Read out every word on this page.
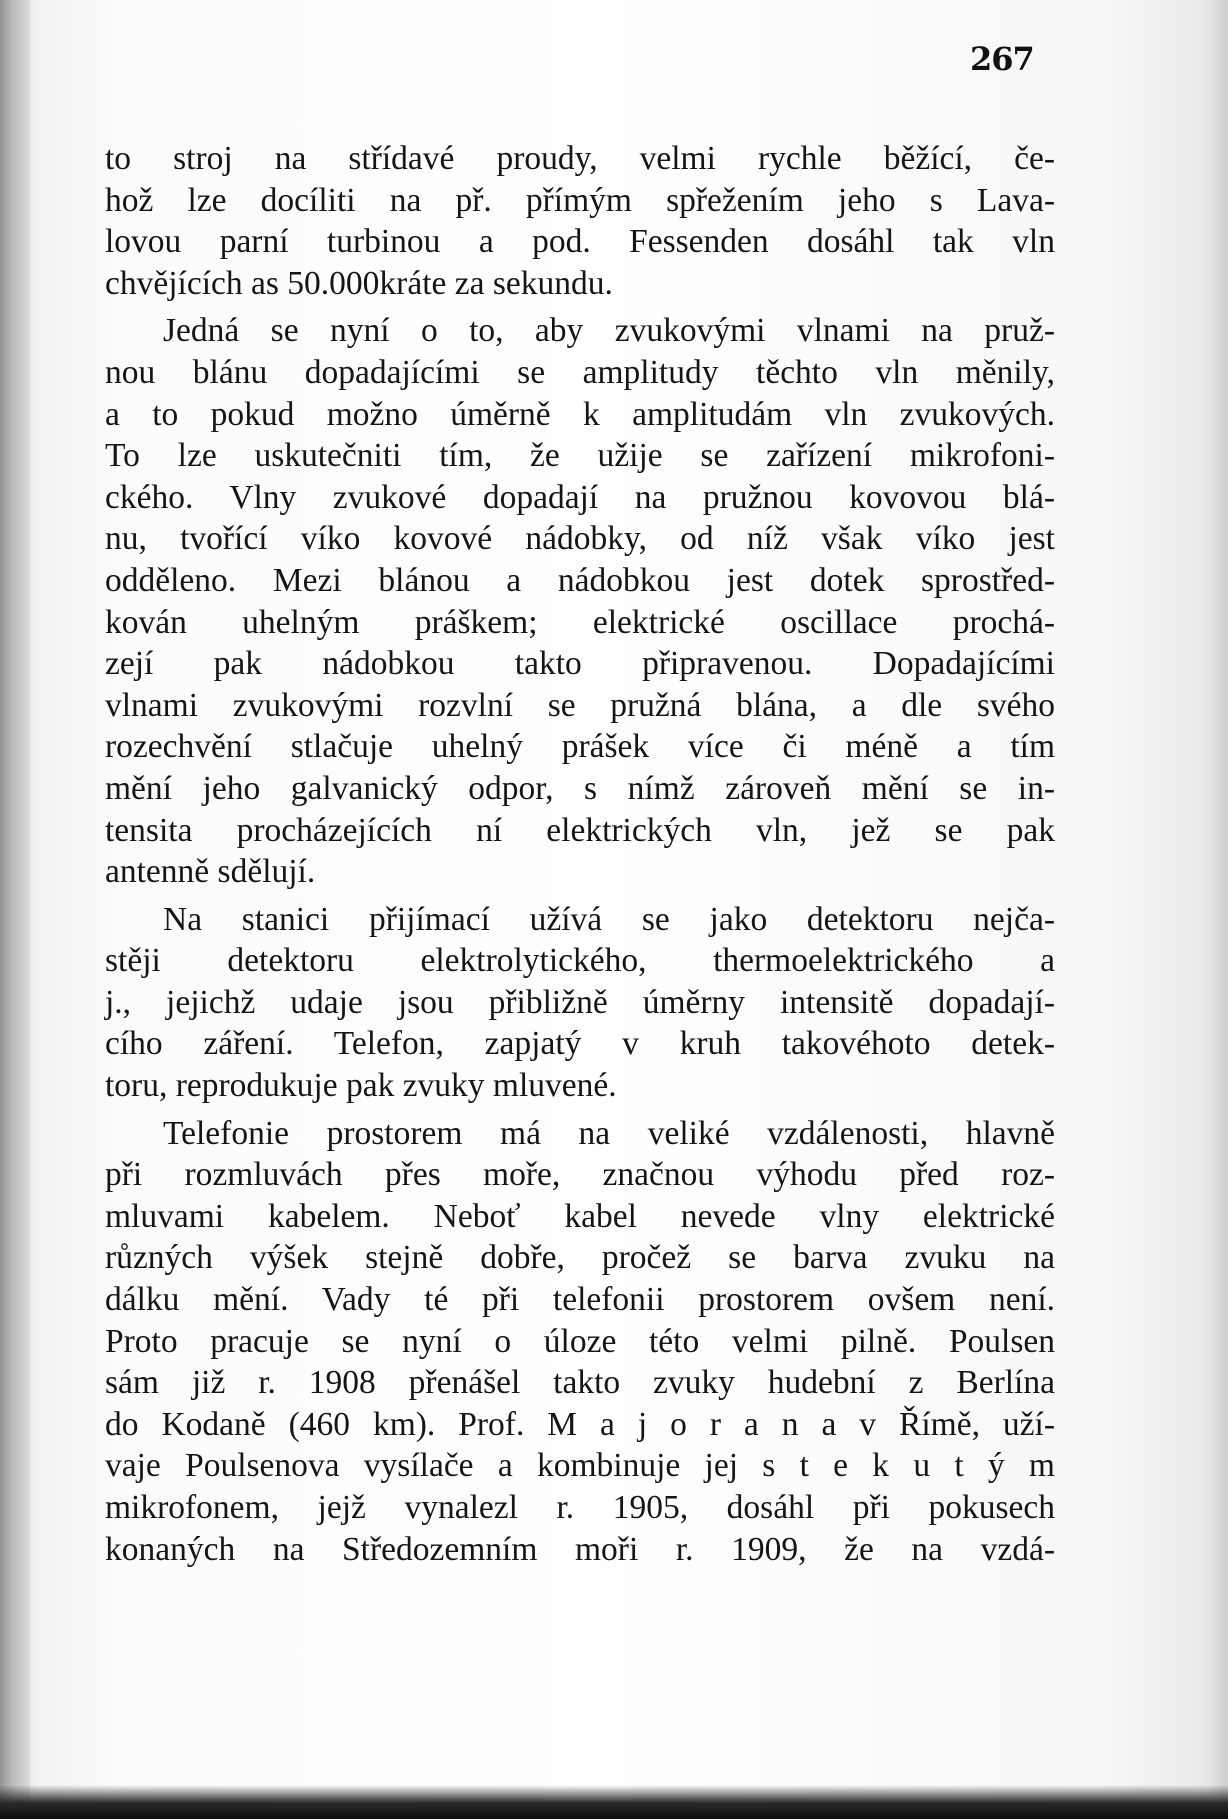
267
to stroj na střídavé proudy, velmi rychle běžící, če-
hož lze docíliti na př. přímým spřežením jeho s Lava-
lovou parní turbinou a pod. Fessenden dosáhl tak vln
chvějících as 50.000kráte za sekundu.
Jedná se nyní o to, aby zvukovými vlnami na pruž-
nou blánu dopadajícími se amplitudy těchto vln měnily,
a to pokud možno úměrně k amplitudám vln zvukových.
To lze uskutečniti tím, že užije se zařízení mikrofoni-
ckého. Vlny zvukové dopadají na pružnou kovovou blá-
nu, tvořící víko kovové nádobky, od níž však víko jest
odděleno. Mezi blánou a nádobkou jest dotek sprostřed-
kován uhelným práškem; elektrické oscillace prochá-
zejí pak nádobkou takto připravenou. Dopadajícími
vlnami zvukovými rozvlní se pružná blána, a dle svého
rozechvění stlačuje uhelný prášek více či méně a tím
mění jeho galvanický odpor, s nímž zároveň mění se in-
tensita procházejících ní elektrických vln, jež se pak
antenně sdělují.
Na stanici přijímací užívá se jako detektoru nejča-
stěji detektoru elektrolytického, thermoelektrického a
j., jejichž udaje jsou přibližně úměrny intensitě dopadají-
cího záření. Telefon, zapjatý v kruh takovéhoto detek-
toru, reprodukuje pak zvuky mluvené.
Telefonie prostorem má na veliké vzdálenosti, hlavně
při rozmluvách přes moře, značnou výhodu před roz-
mluvami kabelem. Neboť kabel nevede vlny elektrické
různých výšek stejně dobře, pročež se barva zvuku na
dálku mění. Vady té při telefonii prostorem ovšem není.
Proto pracuje se nyní o úloze této velmi pilně. Poulsen
sám již r. 1908 přenášel takto zvuky hudební z Berlína
do Kodaně (460 km). Prof. M a j o r a n a v Římě, uží-
vaje Poulsenova vysílače a kombinuje jej s t e k u t ý m
mikrofonem, jejž vynalezl r. 1905, dosáhl při pokusech
konaných na Středozemním moři r. 1909, že na vzdá-
